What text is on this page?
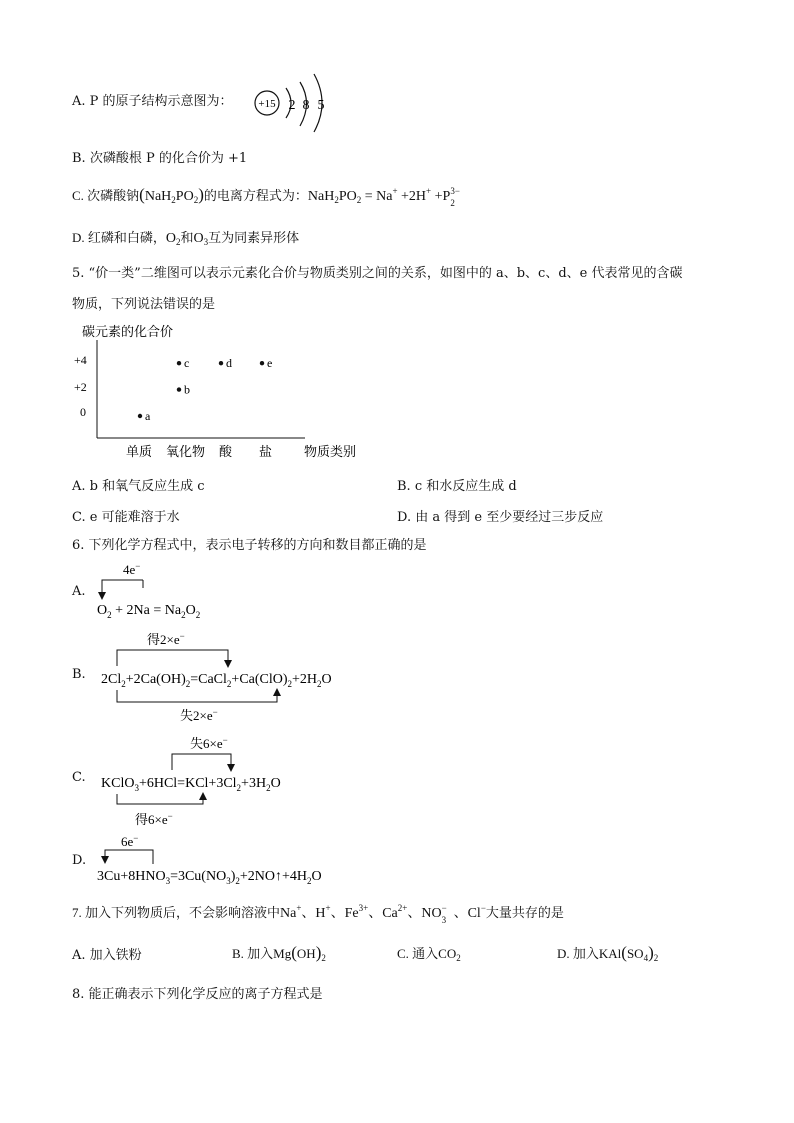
A. P 的原子结构示意图为： +15 2 8 5
B. 次磷酸根 P 的化合价为 +1
C. 次磷酸钠$(NaH_2PO_2)$的电离方程式为：$NaH_2PO_2 = Na^+ +2H^+ +P$ 3−
2
D. 红磷和白磷，$O_2$和$O_3$互为同素异形体
5. “价一类”二维图可以表示元素化合价与物质类别之间的关系，如图中的 a、b、c、d、e 代表常见的含碳
物质，下列说法错误的是
碳元素的化合价
+4
+2
0
单质 氧化物 酸 盐 物质类别
a
b
c	d	e
A. b 和氧气反应生成 c	B. c 和水反应生成 d
C. e 可能难溶于水	D. 由 a 得到 e 至少要经过三步反应
6. 下列化学方程式中，表示电子转移的方向和数目都正确的是
A.
4e−
$O_2 + 2Na = Na_2O_2$
B.
得2×e−
$2Cl_2+2Ca(OH)_2=CaCl_2+Ca(ClO)_2+2H_2O$
失2×e−
C.
失6×e−
$KClO_3+6HCl=KCl+3Cl_2+3H_2O$
得6×e−
D.
6e−
$3Cu+8HNO_3=3Cu(NO_3)_2+2NO↑+4H_2O$
7. 加入下列物质后，不会影响溶液中Na+、H+、$Fe^{3+}$、$Ca^{2+}$、NO −
3 、Cl−大量共存的是
A. 加入铁粉	B. 加入$Mg(OH)_2$	C. 通入$CO_2$	D. 加入$KAl(SO_4)_2$
8. 能正确表示下列化学反应的离子方程式是
